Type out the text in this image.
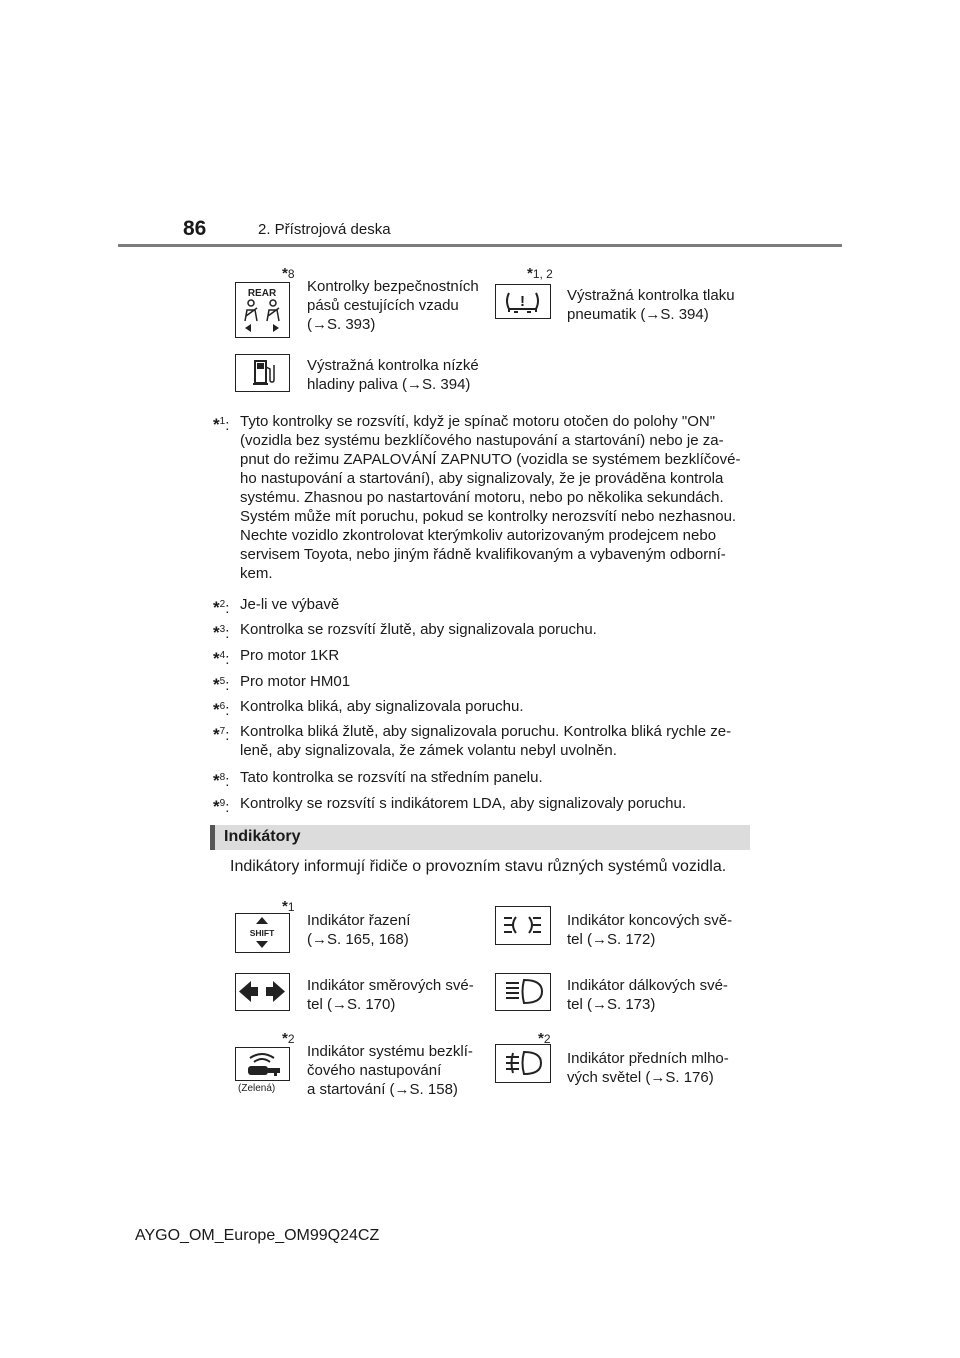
86	2. Přístrojová deska
REAR
*8
Kontrolky bezpečnostních
pásů cestujících vzadu
(→S. 393)
!
*1, 2
Výstražná kontrolka tlaku
pneumatik (→S. 394)
Výstražná kontrolka nízké
hladiny paliva (→S. 394)
*$^1$: Tyto kontrolky se rozsvítí, když je spínač motoru otočen do polohy "ON"
(vozidla bez systému bezklíčového nastupování a startování) nebo je za-
pnut do režimu ZAPALOVÁNÍ ZAPNUTO (vozidla se systémem bezklíčové-
ho nastupování a startování), aby signalizovaly, že je prováděna kontrola
systému. Zhasnou po nastartování motoru, nebo po několika sekundách.
Systém může mít poruchu, pokud se kontrolky nerozsvítí nebo nezhasnou.
Nechte vozidlo zkontrolovat kterýmkoliv autorizovaným prodejcem nebo
servisem Toyota, nebo jiným řádně kvalifikovaným a vybaveným odborní-
kem.
*$^2$: Je-li ve výbavě
*$^3$: Kontrolka se rozsvítí žlutě, aby signalizovala poruchu.
*$^4$: Pro motor 1KR
*$^5$: Pro motor HM01
*$^6$: Kontrolka bliká, aby signalizovala poruchu.
*$^7$: Kontrolka bliká žlutě, aby signalizovala poruchu. Kontrolka bliká rychle ze-
leně, aby signalizovala, že zámek volantu nebyl uvolněn.
*$^8$: Tato kontrolka se rozsvítí na středním panelu.
*$^9$: Kontrolky se rozsvítí s indikátorem LDA, aby signalizovaly poruchu.
Indikátory
Indikátory informují řidiče o provozním stavu různých systémů vozidla.
SHIFT
*1
Indikátor řazení
(→S. 165, 168)
Indikátor koncových svě-
tel (→S. 172)
Indikátor směrových své-
tel (→S. 170)
Indikátor dálkových své-
tel (→S. 173)
(Zelená)
*2
Indikátor systému bezklí-
čového nastupování
a startování (→S. 158)
*2
Indikátor předních mlho-
vých světel (→S. 176)
AYGO_OM_Europe_OM99Q24CZ
